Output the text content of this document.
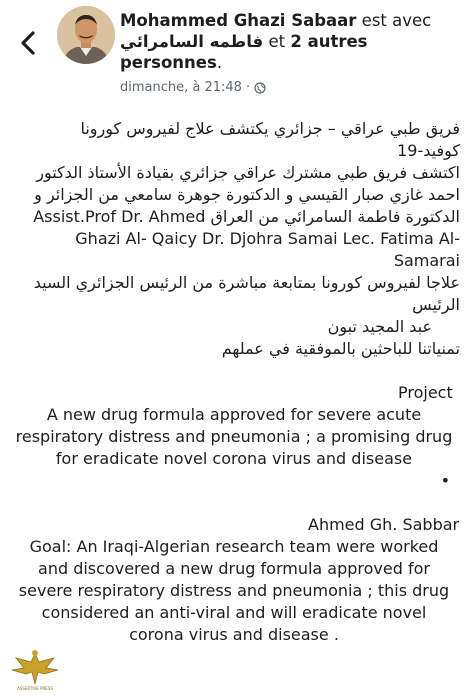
Mohammed Ghazi Sabaar est avec فاطمه السامرائي et 2 autres personnes.
dimanche, à 21:48 ·

فريق طبي عراقي – جزائري يكتشف علاج لفيروس كورونا

كوفيد-19

اكتشف فريق طبي مشترك عراقي جزائري بقيادة الأستاذ الدكتور

احمد غازي صبار القيسي و الدكتورة جوهرة سامعي من الجزائر و

الدكتورة فاطمة السامرائي من العراق Assist.Prof Dr. Ahmed

Ghazi Al- Qaicy Dr. Djohra Samai Lec. Fatima Al-

Samarai

علاجا لفيروس كورونا بمتابعة مباشرة من الرئيس الجزائري السيد

الرئيس

عبد المجيد تبون

تمنياتنا للباحثين بالموفقية في عملهم

Project

A new drug formula approved for severe acute

respiratory distress and pneumonia ; a promising drug

for eradicate novel corona virus and disease

•

Ahmed Gh. Sabbar

Goal: An Iraqi-Algerian research team were worked

and discovered a new drug formula approved for

severe respiratory distress and pneumonia ; this drug

considered an anti-viral and will eradicate novel

corona virus and disease .

ASSERTIVE PRESS
